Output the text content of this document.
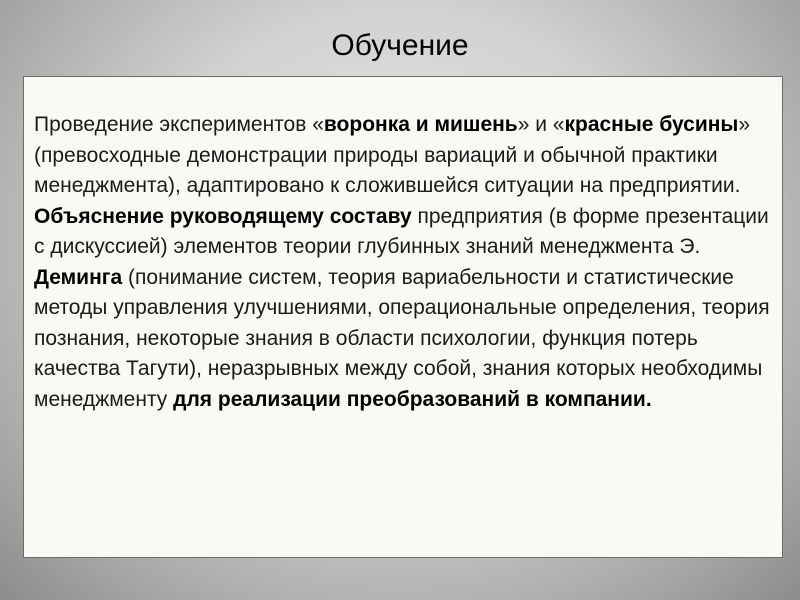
Обучение

Проведение экспериментов «воронка и мишень» и «красные бусины» (превосходные демонстрации природы вариаций и обычной практики менеджмента), адаптировано к сложившейся ситуации на предприятии. Объяснение руководящему составу предприятия (в форме презентации с дискуссией) элементов теории глубинных знаний менеджмента Э. Деминга (понимание систем, теория вариабельности и статистические методы управления улучшениями, операциональные определения, теория познания, некоторые знания в области психологии, функция потерь качества Тагути), неразрывных между собой, знания которых необходимы менеджменту для реализации преобразований в компании.
